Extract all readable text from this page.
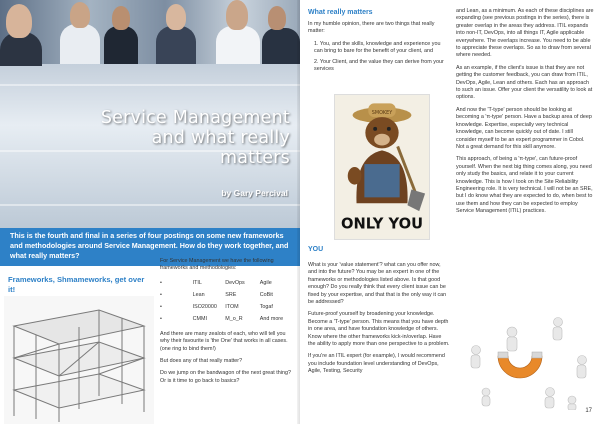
Service Management
and what really
matters
by Gary Percival

This is the fourth and final in a series of four postings on some new frameworks and methodologies around Service Management. How do they work together, and what really matters?

Frameworks, Shmameworks, get over it!

For Service Management we have the following frameworks and methodologies:

•	ITIL	DevOps	Agile
•	Lean	SRE	CoBit
•	ISO20000	ITOM	Togaf
•	CMMI	M_o_R	And more

And there are many zealots of each, who will tell you why their favourite is 'the One' that works in all cases. (one ring to bind them!)

But does any of that really matter?

Do we jump on the bandwagon of the next great thing? Or is it time to go back to basics?

What really matters

In my humble opinion, there are two things that really matter:

1. You, and the skills, knowledge and experience you can bring to bare for the benefit of your client, and
2. Your Client, and the value they can derive from your services
SMOKEY
ONLY YOU
YOU

What is your 'value statement'? what can you offer now, and into the future? You may be an expert in one of the frameworks or methodologies listed above. Is that good enough? Do you really think that every client issue can be fixed by your expertise, and that that is the only way it can be addressed?

Future-proof yourself by broadening your knowledge. Become a 'T-type' person. This means that you have depth in one area, and have foundation knowledge of others. Know where the other frameworks kick-in/overlap. Have the ability to apply more than one perspective to a problem.

If you're an ITIL expert (for example), I would recommend you include foundation level understanding of DevOps, Agile, Testing, Security

and Lean, as a minimum. As each of these disciplines are expanding (see previous postings in the series), there is greater overlap in the areas they address. ITIL expands into non-IT, DevOps, into all things IT, Agile applicable everywhere. The overlaps increase. You need to be able to appreciate these overlaps. So as to draw from several where needed.

As an example, if the client's issue is that they are not getting the customer feedback, you can draw from ITIL, DevOps, Agile, Lean and others. Each has an approach to such an issue. Offer your client the versatility to look at options.

And now the 'T-type' person should be looking at becoming a 'π-type' person. Have a backup area of deep knowledge. Expertise, especially very technical knowledge, can become quickly out of date. I still consider myself to be an expert programmer in Cobol. Not a great demand for this skill anymore.

This approach, of being a 'π-type', can future-proof yourself. When the next big thing comes along, you need only study the basics, and relate it to your current knowledge. This is how I took on the Site Reliability Engineering role. It is very technical. I will not be an SRE, but I do know what they are expected to do, when best to use them and how they can be expected to employ Service Management (ITIL) practices.

17
